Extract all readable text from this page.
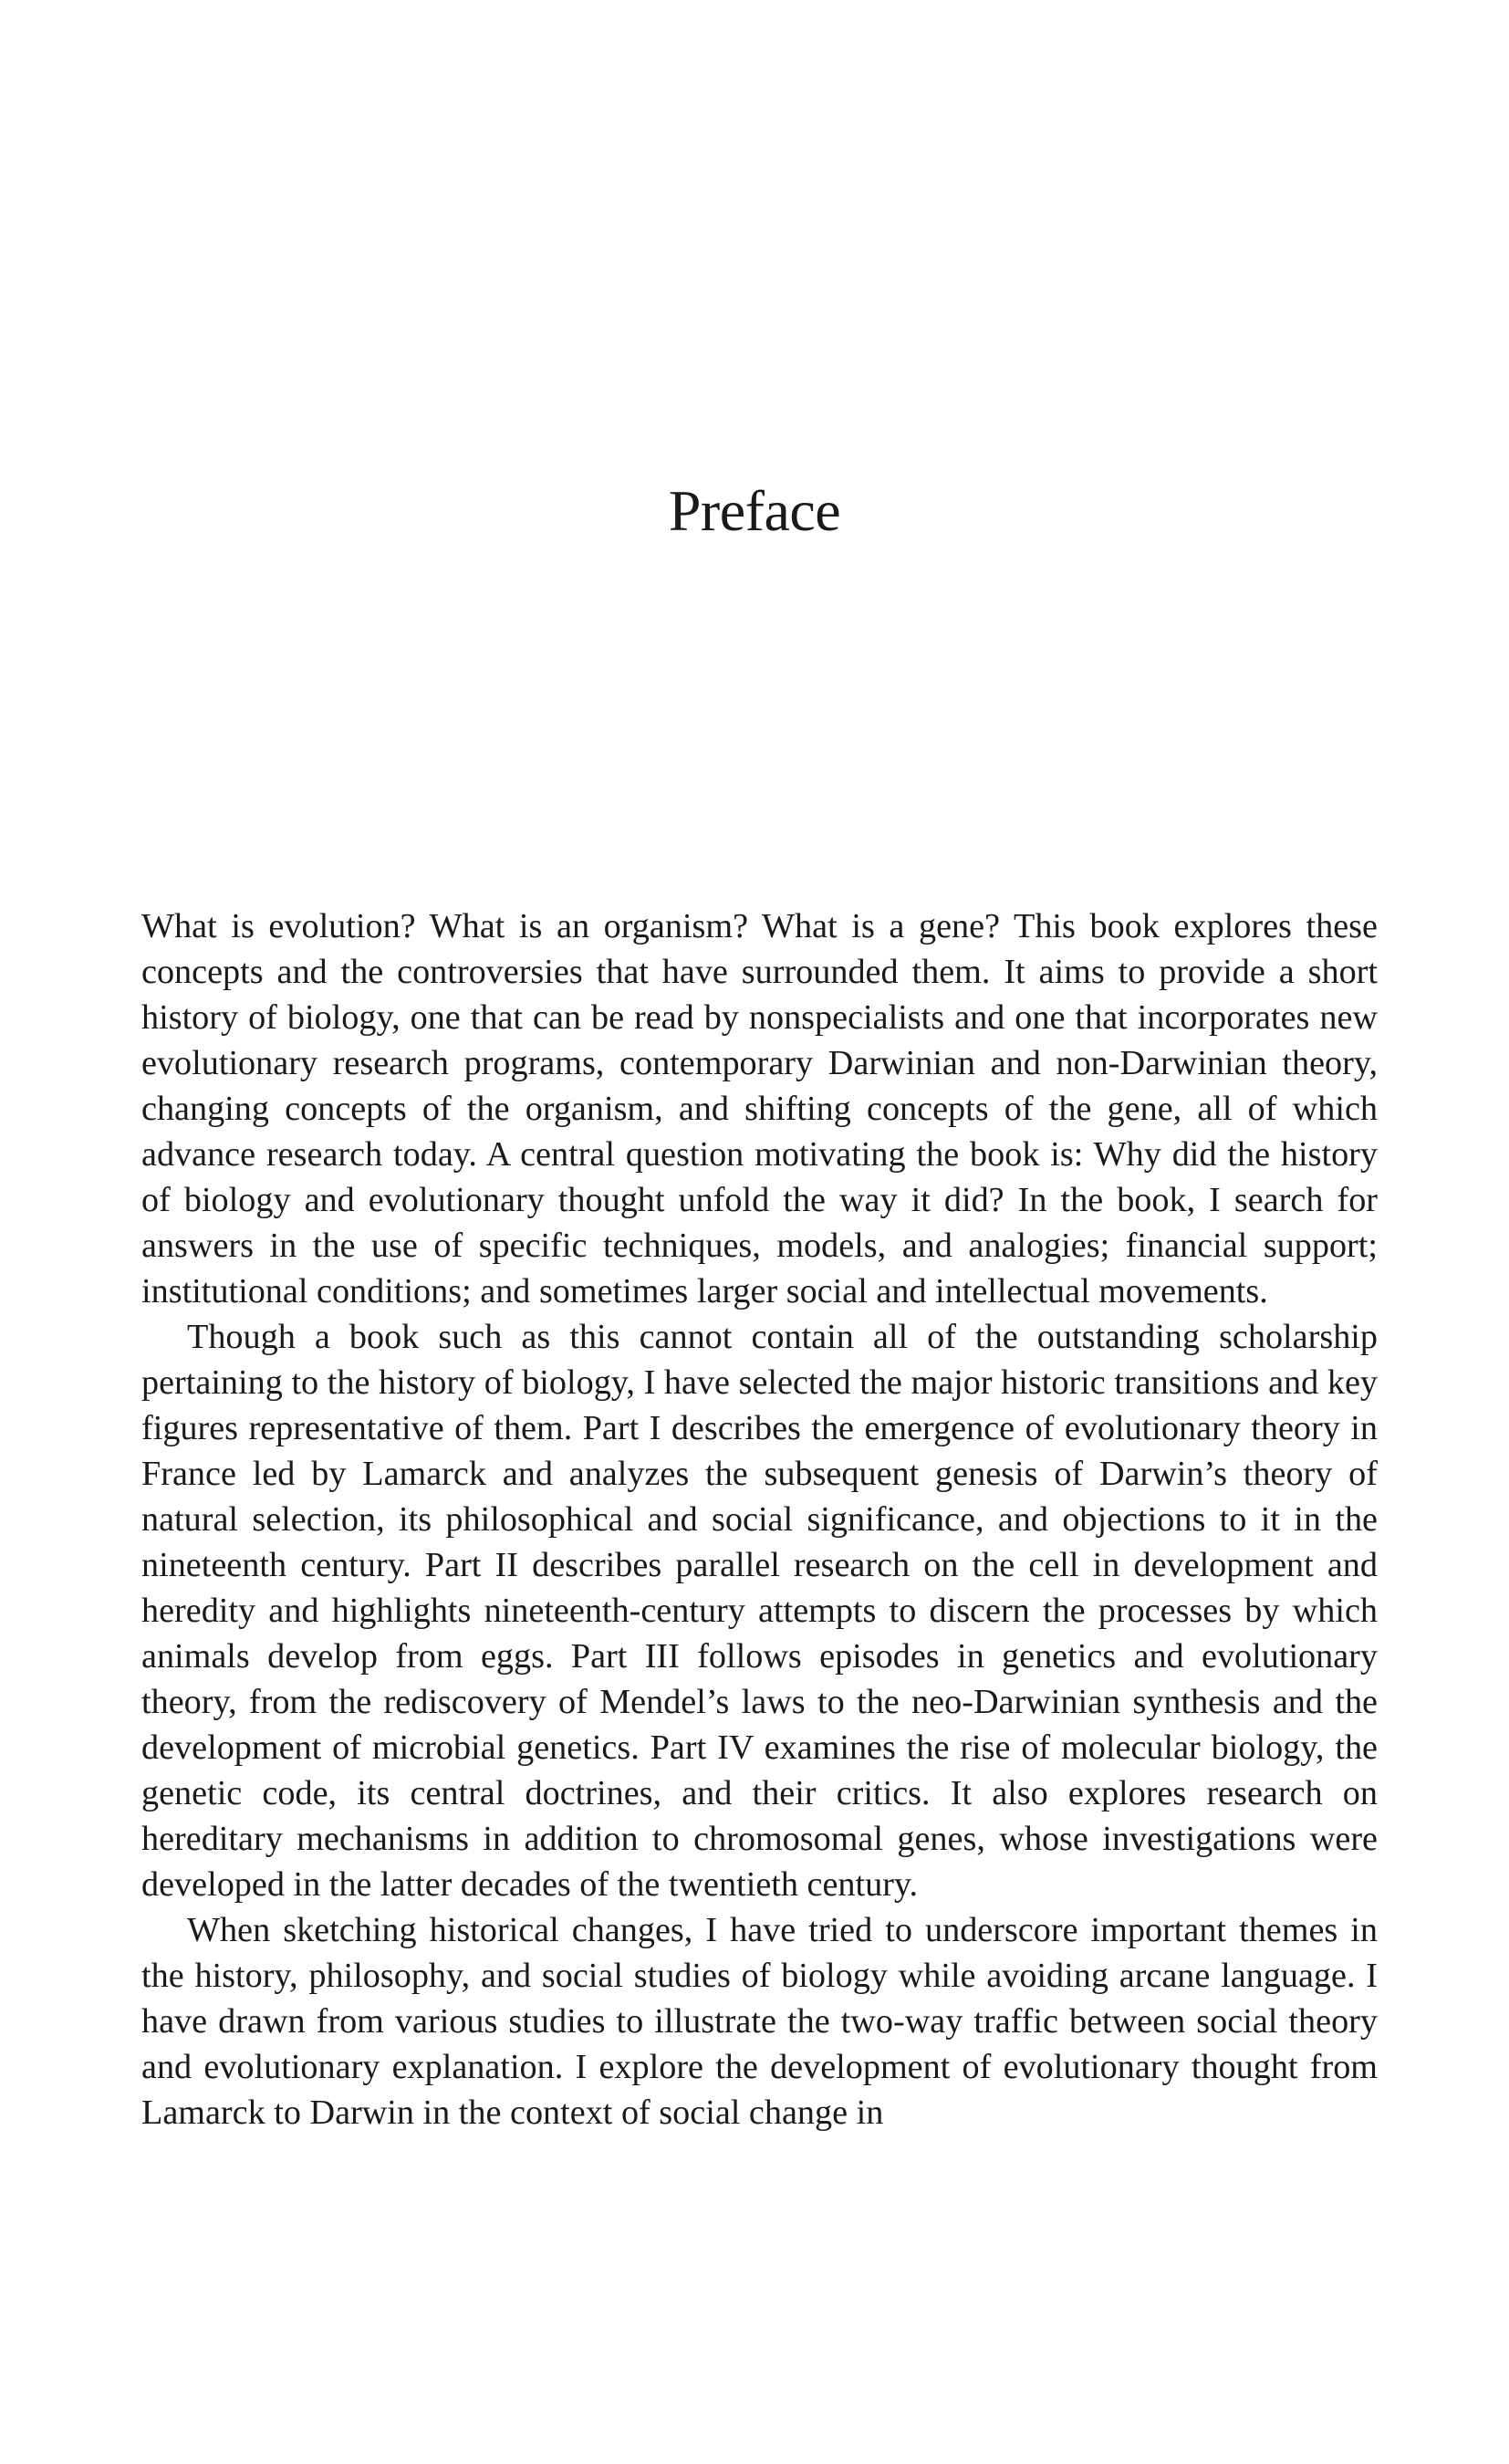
Preface

What is evolution? What is an organism? What is a gene? This book explores these concepts and the controversies that have surrounded them. It aims to provide a short history of biology, one that can be read by nonspecialists and one that incorporates new evolutionary research programs, contemporary Darwinian and non-Darwinian theory, changing concepts of the organism, and shifting concepts of the gene, all of which advance research today. A central question motivating the book is: Why did the history of biology and evolutionary thought unfold the way it did? In the book, I search for answers in the use of specific techniques, models, and analogies; financial support; institutional conditions; and sometimes larger social and intellectual movements.

Though a book such as this cannot contain all of the outstanding scholarship pertaining to the history of biology, I have selected the major historic transitions and key figures representative of them. Part I describes the emergence of evolutionary theory in France led by Lamarck and analyzes the subsequent genesis of Darwin’s theory of natural selection, its philosophical and social significance, and objections to it in the nineteenth century. Part II describes parallel research on the cell in development and heredity and highlights nineteenth-century attempts to discern the processes by which animals develop from eggs. Part III follows episodes in genetics and evolutionary theory, from the rediscovery of Mendel’s laws to the neo-Darwinian synthesis and the development of microbial genetics. Part IV examines the rise of molecular biology, the genetic code, its central doctrines, and their critics. It also explores research on hereditary mechanisms in addition to chromosomal genes, whose investigations were developed in the latter decades of the twentieth century.

When sketching historical changes, I have tried to underscore important themes in the history, philosophy, and social studies of biology while avoiding arcane language. I have drawn from various studies to illustrate the two-way traffic between social theory and evolutionary explanation. I explore the development of evolutionary thought from Lamarck to Darwin in the context of social change in
